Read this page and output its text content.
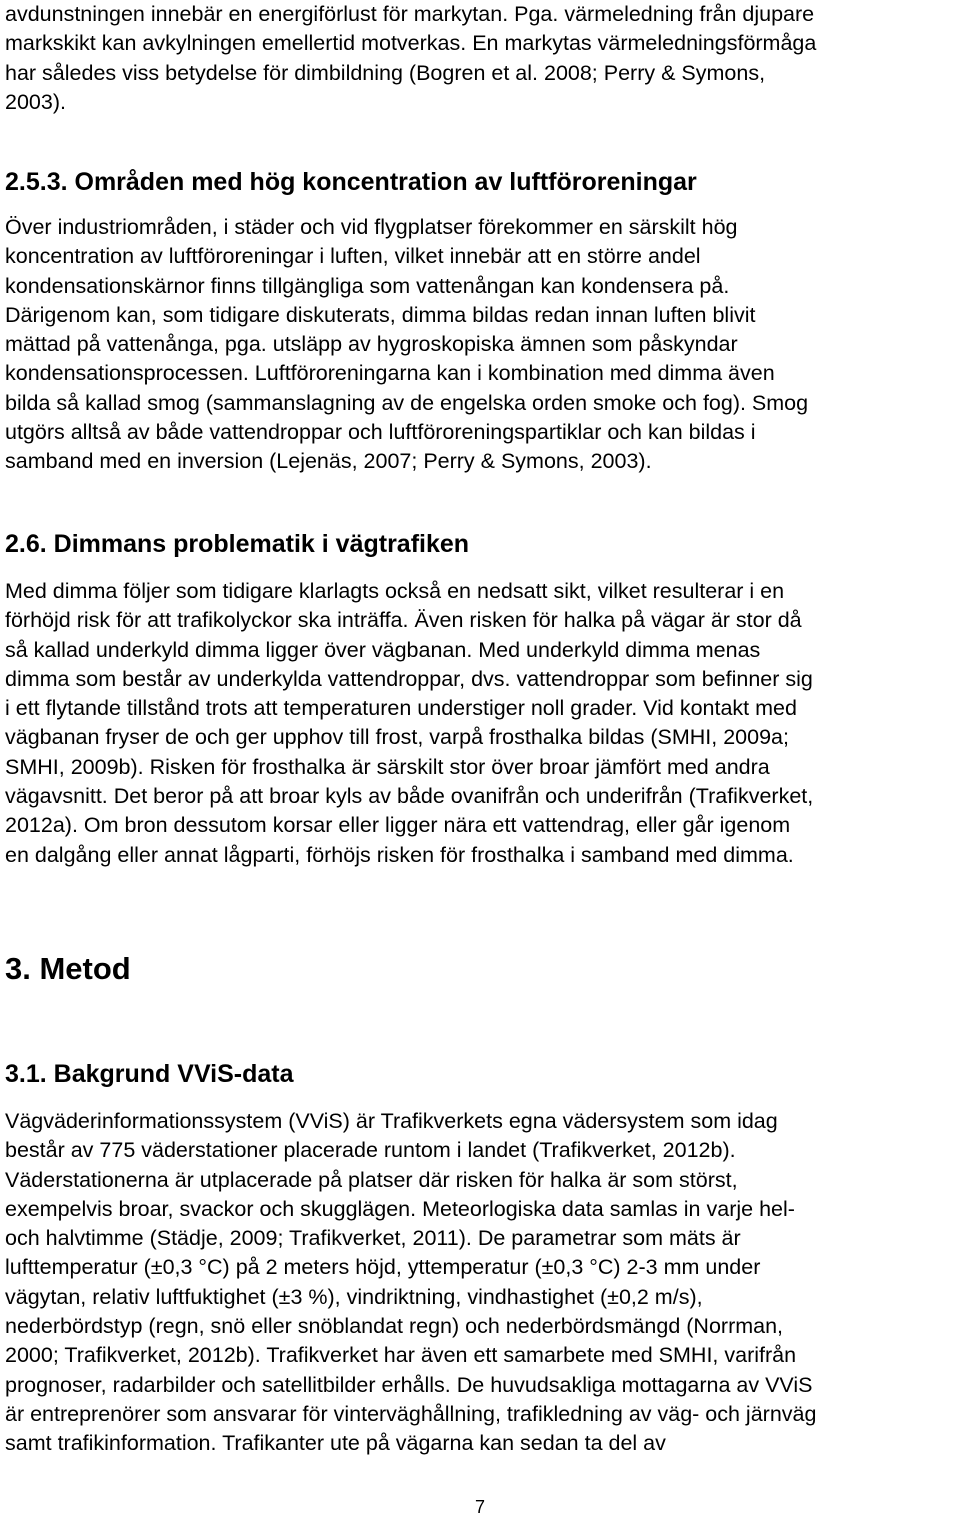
avdunstningen innebär en energiförlust för markytan. Pga. värmeledning från djupare
markskikt kan avkylningen emellertid motverkas. En markytas värmeledningsförmåga
har således viss betydelse för dimbildning (Bogren et al. 2008; Perry & Symons,
2003).
2.5.3. Områden med hög koncentration av luftföroreningar
Över industriområden, i städer och vid flygplatser förekommer en särskilt hög
koncentration av luftföroreningar i luften, vilket innebär att en större andel
kondensationskärnor finns tillgängliga som vattenångan kan kondensera på.
Därigenom kan, som tidigare diskuterats, dimma bildas redan innan luften blivit
mättad på vattenånga, pga. utsläpp av hygroskopiska ämnen som påskyndar
kondensationsprocessen. Luftföroreningarna kan i kombination med dimma även
bilda så kallad smog (sammanslagning av de engelska orden smoke och fog). Smog
utgörs alltså av både vattendroppar och luftföroreningspartiklar och kan bildas i
samband med en inversion (Lejenäs, 2007; Perry & Symons, 2003).
2.6. Dimmans problematik i vägtrafiken
Med dimma följer som tidigare klarlagts också en nedsatt sikt, vilket resulterar i en
förhöjd risk för att trafikolyckor ska inträffa. Även risken för halka på vägar är stor då
så kallad underkyld dimma ligger över vägbanan. Med underkyld dimma menas
dimma som består av underkylda vattendroppar, dvs. vattendroppar som befinner sig
i ett flytande tillstånd trots att temperaturen understiger noll grader. Vid kontakt med
vägbanan fryser de och ger upphov till frost, varpå frosthalka bildas (SMHI, 2009a;
SMHI, 2009b). Risken för frosthalka är särskilt stor över broar jämfört med andra
vägavsnitt. Det beror på att broar kyls av både ovanifrån och underifrån (Trafikverket,
2012a). Om bron dessutom korsar eller ligger nära ett vattendrag, eller går igenom
en dalgång eller annat lågparti, förhöjs risken för frosthalka i samband med dimma.
3. Metod
3.1. Bakgrund VViS-data
Vägväderinformationssystem (VViS) är Trafikverkets egna vädersystem som idag
består av 775 väderstationer placerade runtom i landet (Trafikverket, 2012b).
Väderstationerna är utplacerade på platser där risken för halka är som störst,
exempelvis broar, svackor och skugglägen. Meteorlogiska data samlas in varje hel-
och halvtimme (Städje, 2009; Trafikverket, 2011). De parametrar som mäts är
lufttemperatur (±0,3 °C) på 2 meters höjd, yttemperatur (±0,3 °C) 2-3 mm under
vägytan, relativ luftfuktighet (±3 %), vindriktning, vindhastighet (±0,2 m/s),
nederbördstyp (regn, snö eller snöblandat regn) och nederbördsmängd (Norrman,
2000; Trafikverket, 2012b). Trafikverket har även ett samarbete med SMHI, varifrån
prognoser, radarbilder och satellitbilder erhålls. De huvudsakliga mottagarna av VViS
är entreprenörer som ansvarar för vinterväghållning, trafikledning av väg- och järnväg
samt trafikinformation. Trafikanter ute på vägarna kan sedan ta del av
7
